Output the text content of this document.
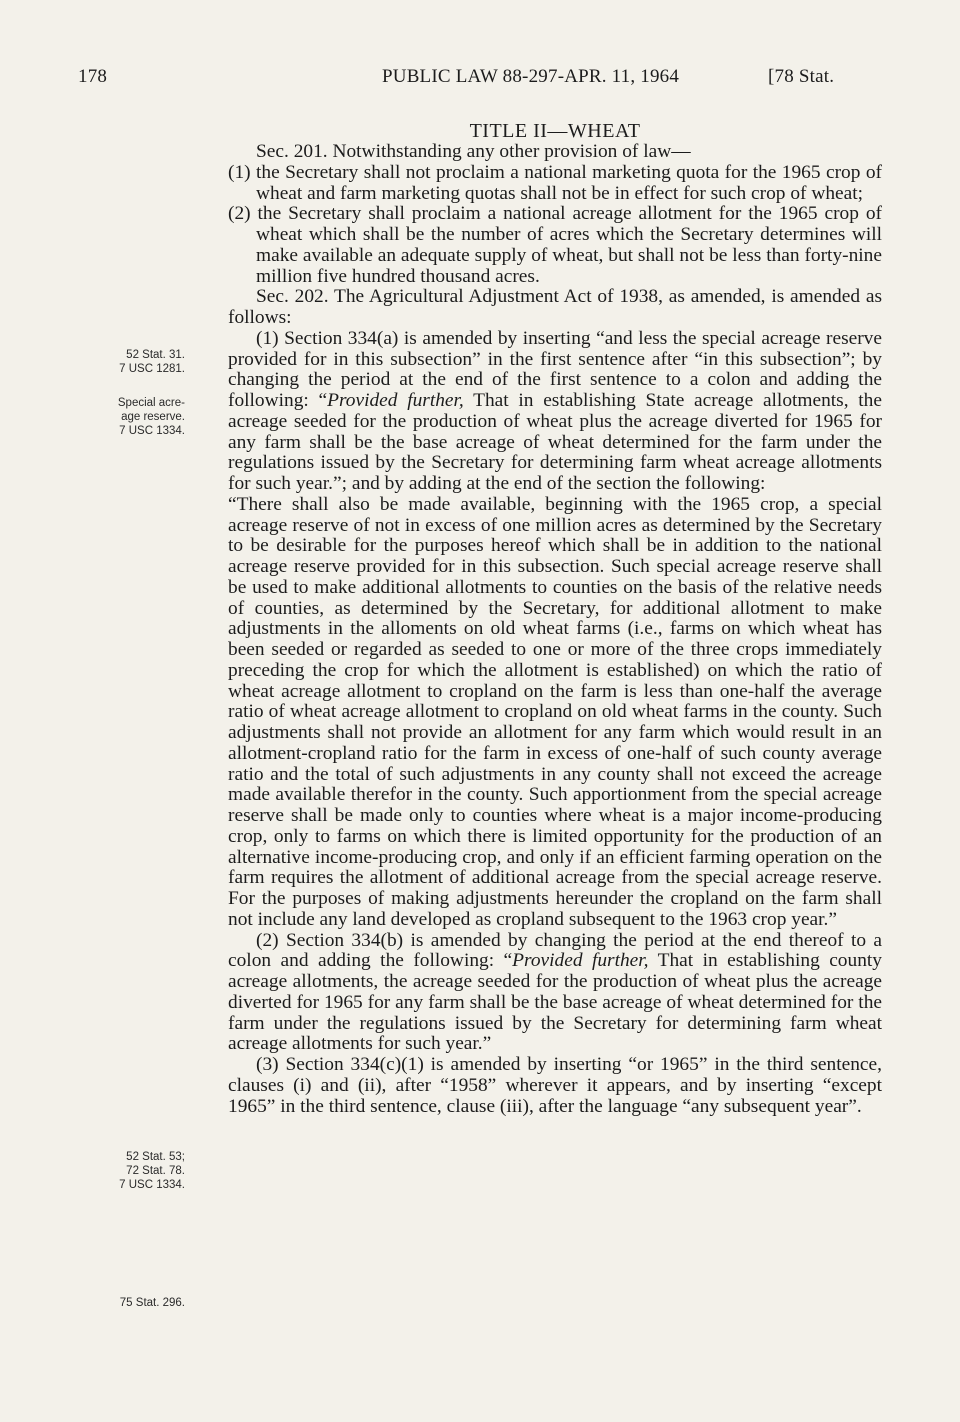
178	PUBLIC LAW 88-297-APR. 11, 1964	[78 Stat.
52 Stat. 31.
7 USC 1281.
Special acre-
age reserve.
7 USC 1334.
52 Stat. 53;
72 Stat. 78.
7 USC 1334.
75 Stat. 296.

TITLE II—WHEAT

Sec. 201. Notwithstanding any other provision of law—

(1) the Secretary shall not proclaim a national marketing quota for the 1965 crop of wheat and farm marketing quotas shall not be in effect for such crop of wheat;

(2) the Secretary shall proclaim a national acreage allotment for the 1965 crop of wheat which shall be the number of acres which the Secretary determines will make available an adequate supply of wheat, but shall not be less than forty-nine million five hundred thousand acres.

Sec. 202. The Agricultural Adjustment Act of 1938, as amended, is amended as follows:

(1) Section 334(a) is amended by inserting “and less the special acreage reserve provided for in this subsection” in the first sentence after “in this subsection”; by changing the period at the end of the first sentence to a colon and adding the following: “Provided further, That in establishing State acreage allotments, the acreage seeded for the production of wheat plus the acreage diverted for 1965 for any farm shall be the base acreage of wheat determined for the farm under the regulations issued by the Secretary for determining farm wheat acreage allotments for such year.”; and by adding at the end of the section the following:

“There shall also be made available, beginning with the 1965 crop, a special acreage reserve of not in excess of one million acres as determined by the Secretary to be desirable for the purposes hereof which shall be in addition to the national acreage reserve provided for in this subsection. Such special acreage reserve shall be used to make additional allotments to counties on the basis of the relative needs of counties, as determined by the Secretary, for additional allotment to make adjustments in the alloments on old wheat farms (i.e., farms on which wheat has been seeded or regarded as seeded to one or more of the three crops immediately preceding the crop for which the allotment is established) on which the ratio of wheat acreage allotment to cropland on the farm is less than one-half the average ratio of wheat acreage allotment to cropland on old wheat farms in the county. Such adjustments shall not provide an allotment for any farm which would result in an allotment-cropland ratio for the farm in excess of one-half of such county average ratio and the total of such adjustments in any county shall not exceed the acreage made available therefor in the county. Such apportionment from the special acreage reserve shall be made only to counties where wheat is a major income-producing crop, only to farms on which there is limited opportunity for the production of an alternative income-producing crop, and only if an efficient farming operation on the farm requires the allotment of additional acreage from the special acreage reserve. For the purposes of making adjustments hereunder the cropland on the farm shall not include any land developed as cropland subsequent to the 1963 crop year.”

(2) Section 334(b) is amended by changing the period at the end thereof to a colon and adding the following: “Provided further, That in establishing county acreage allotments, the acreage seeded for the production of wheat plus the acreage diverted for 1965 for any farm shall be the base acreage of wheat determined for the farm under the regulations issued by the Secretary for determining farm wheat acreage allotments for such year.”

(3) Section 334(c)(1) is amended by inserting “or 1965” in the third sentence, clauses (i) and (ii), after “1958” wherever it appears, and by inserting “except 1965” in the third sentence, clause (iii), after the language “any subsequent year”.
